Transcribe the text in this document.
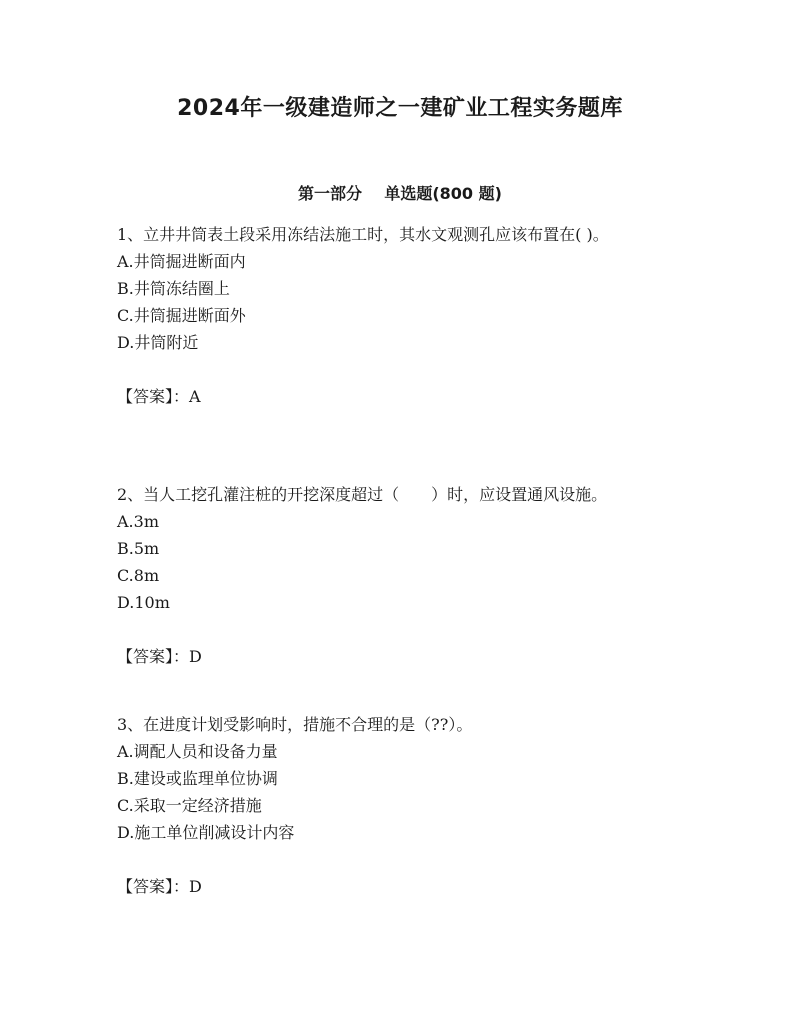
2024年一级建造师之一建矿业工程实务题库
第一部分    单选题(800 题)

1、立井井筒表土段采用冻结法施工时，其水文观测孔应该布置在( )。

A.井筒掘进断面内

B.井筒冻结圈上

C.井筒掘进断面外

D.井筒附近

【答案】：A

2、当人工挖孔灌注桩的开挖深度超过（　　）时，应设置通风设施。

A.3m

B.5m

C.8m

D.10m

【答案】：D

3、在进度计划受影响时，措施不合理的是（??）。

A.调配人员和设备力量

B.建设或监理单位协调

C.采取一定经济措施

D.施工单位削减设计内容

【答案】：D
